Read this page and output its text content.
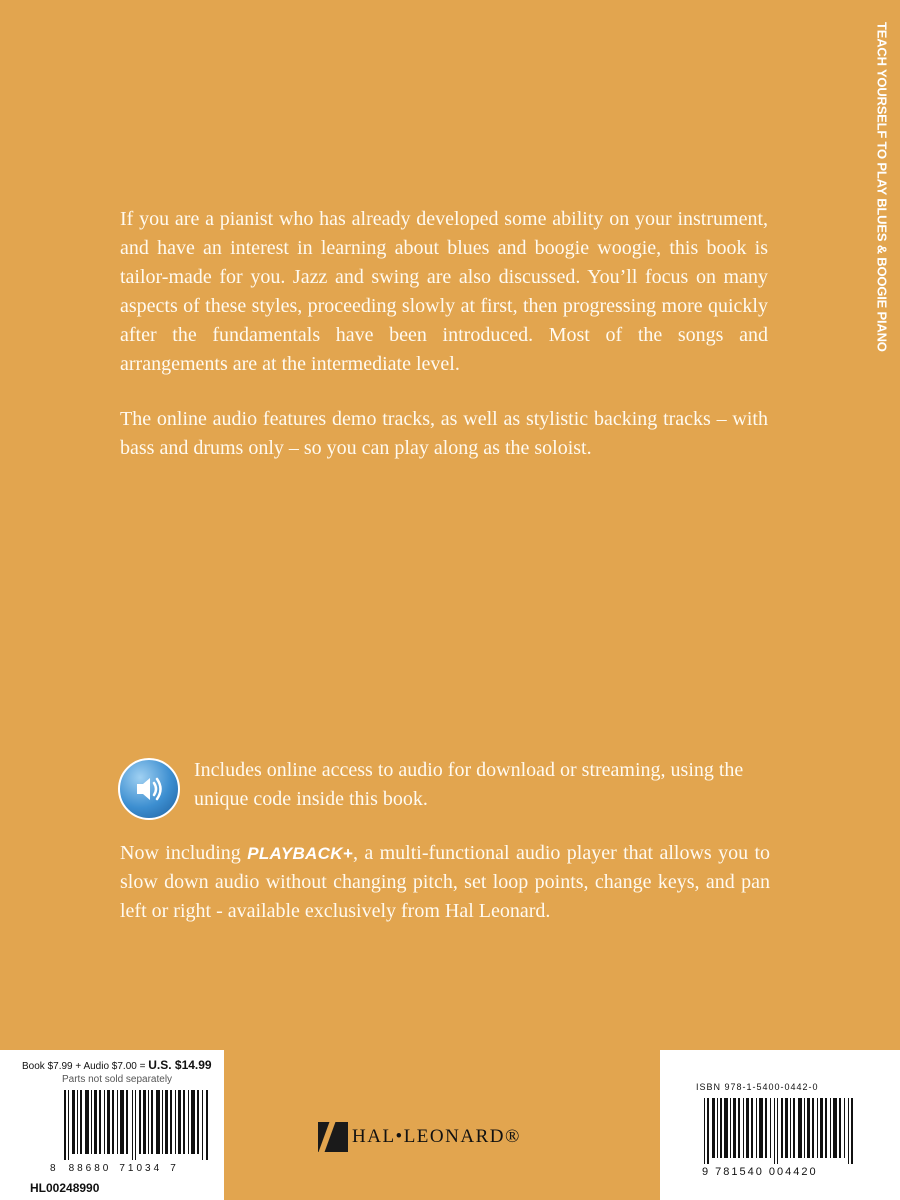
TEACH YOURSELF TO PLAY BLUES & BOOGIE PIANO

If you are a pianist who has already developed some ability on your instrument, and have an interest in learning about blues and boogie woogie, this book is tailor-made for you. Jazz and swing are also discussed. You’ll focus on many aspects of these styles, proceeding slowly at first, then progressing more quickly after the fundamentals have been introduced. Most of the songs and arrangements are at the intermediate level.

The online audio features demo tracks, as well as stylistic backing tracks – with bass and drums only – so you can play along as the soloist.

Includes online access to audio for download or streaming, using the unique code inside this book.
Now including PLAYBACK+, a multi-functional audio player that allows you to slow down audio without changing pitch, set loop points, change keys, and pan left or right - available exclusively from Hal Leonard.
Book $7.99 + Audio $7.00 = U.S. $14.99
Parts not sold separately
8 88680 71034 7
HL00248990
HAL•LEONARD®
ISBN 978-1-5400-0442-0
9 781540 004420
